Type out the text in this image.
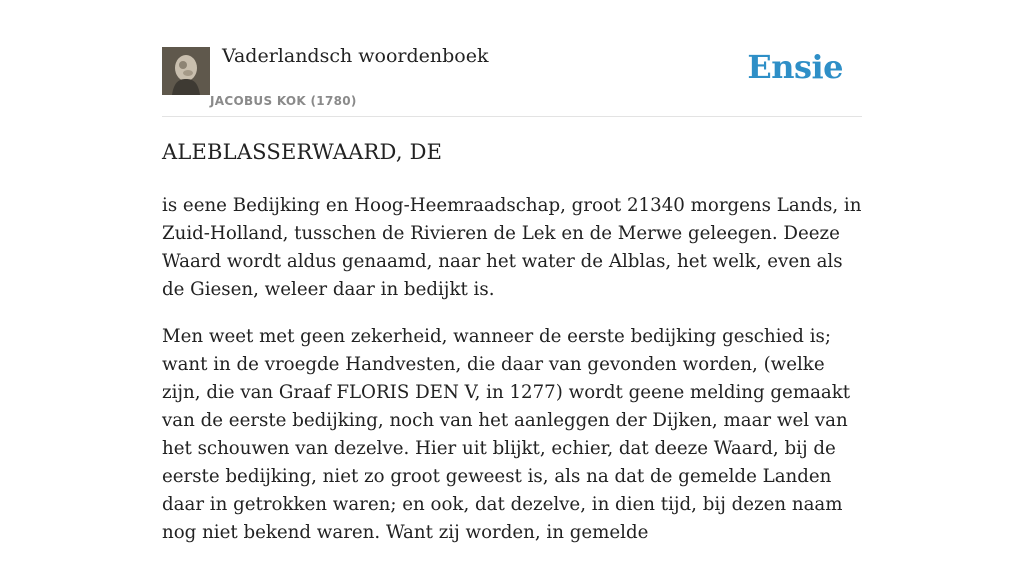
Vaderlandsch woordenboek
JACOBUS KOK (1780)
Ensie
ALEBLASSERWAARD, DE

is eene Bedijking en Hoog-Heemraadschap, groot 21340 morgens Lands, in Zuid-Holland, tusschen de Rivieren de Lek en de Merwe geleegen. Deeze Waard wordt aldus genaamd, naar het water de Alblas, het welk, even als de Giesen, weleer daar in bedijkt is.

Men weet met geen zekerheid, wanneer de eerste bedijking geschied is; want in de vroegde Handvesten, die daar van gevonden worden, (welke zijn, die van Graaf FLORIS DEN V, in 1277) wordt geene melding gemaakt van de eerste bedijking, noch van het aanleggen der Dijken, maar wel van het schouwen van dezelve. Hier uit blijkt, echier, dat deeze Waard, bij de eerste bedijking, niet zo groot geweest is, als na dat de gemelde Landen daar in getrokken waren; en ook, dat dezelve, in dien tijd, bij dezen naam nog niet bekend waren. Want zij worden, in gemelde
